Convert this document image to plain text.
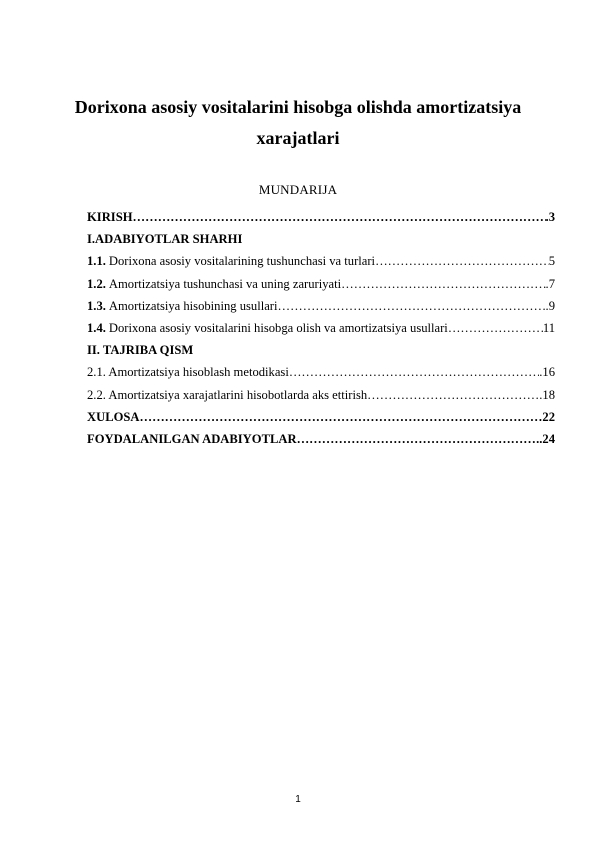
Dorixona asosiy vositalarini hisobga olishda amortizatsiya xarajatlari
MUNDARIJA
KIRISH ……………………………………………………………………………………………………………………………………………………	.3
I.ADABIYOTLAR SHARHI
1.1. Dorixona asosiy vositalarining tushunchasi va turlari ……………………………………………………………………………………………………………………………………………………	5
1.2. Amortizatsiya tushunchasi va uning zaruriyati ……………………………………………………………………………………………………………………………………………………	.7
1.3. Amortizatsiya hisobining usullari ……………………………………………………………………………………………………………………………………………………	.9
1.4. Dorixona asosiy vositalarini hisobga olish va amortizatsiya usullari ……………………………………………………………………………………………………………………………………………………	11
II. TAJRIBA QISM
2.1. Amortizatsiya hisoblash metodikasi ……………………………………………………………………………………………………………………………………………………	.16
2.2. Amortizatsiya xarajatlarini hisobotlarda aks ettirish ……………………………………………………………………………………………………………………………………………………	.18
XULOSA ……………………………………………………………………………………………………………………………………………………	22
FOYDALANILGAN ADABIYOTLAR ……………………………………………………………………………………………………………………………………………………	..24
1
